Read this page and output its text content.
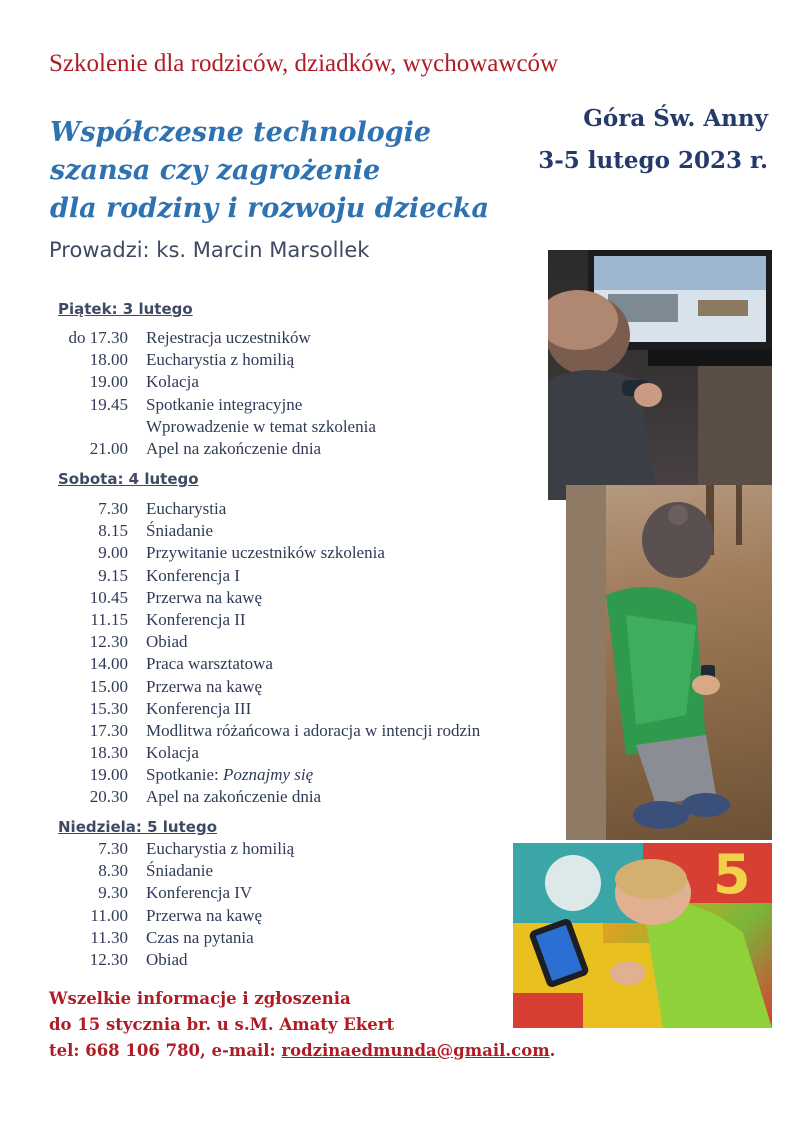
Szkolenie dla rodziców, dziadków, wychowawców
Współczesne technologie
szansa czy zagrożenie
dla rodziny i rozwoju dziecka
Góra Św. Anny
3-5 lutego 2023 r.
Prowadzi: ks. Marcin Marsollek
Piątek: 3 lutego
do 17.30	Rejestracja uczestników
18.00	Eucharystia z homilią
19.00	Kolacja
19.45	Spotkanie integracyjne
Wprowadzenie w temat szkolenia
21.00	Apel na zakończenie dnia
Sobota: 4 lutego
7.30	Eucharystia
8.15	Śniadanie
9.00	Przywitanie uczestników szkolenia
9.15	Konferencja I
10.45	Przerwa na kawę
11.15	Konferencja II
12.30	Obiad
14.00	Praca warsztatowa
15.00	Przerwa na kawę
15.30	Konferencja III
17.30	Modlitwa różańcowa i adoracja w intencji rodzin
18.30	Kolacja
19.00	Spotkanie: Poznajmy się
20.30	Apel na zakończenie dnia
Niedziela: 5 lutego
7.30	Eucharystia z homilią
8.30	Śniadanie
9.30	Konferencja IV
11.00	Przerwa na kawę
11.30	Czas na pytania
12.30	Obiad
Wszelkie informacje i zgłoszenia
do 15 stycznia br. u s.M. Amaty Ekert
tel: 668 106 780, e-mail: rodzinaedmunda@gmail.com.
5
